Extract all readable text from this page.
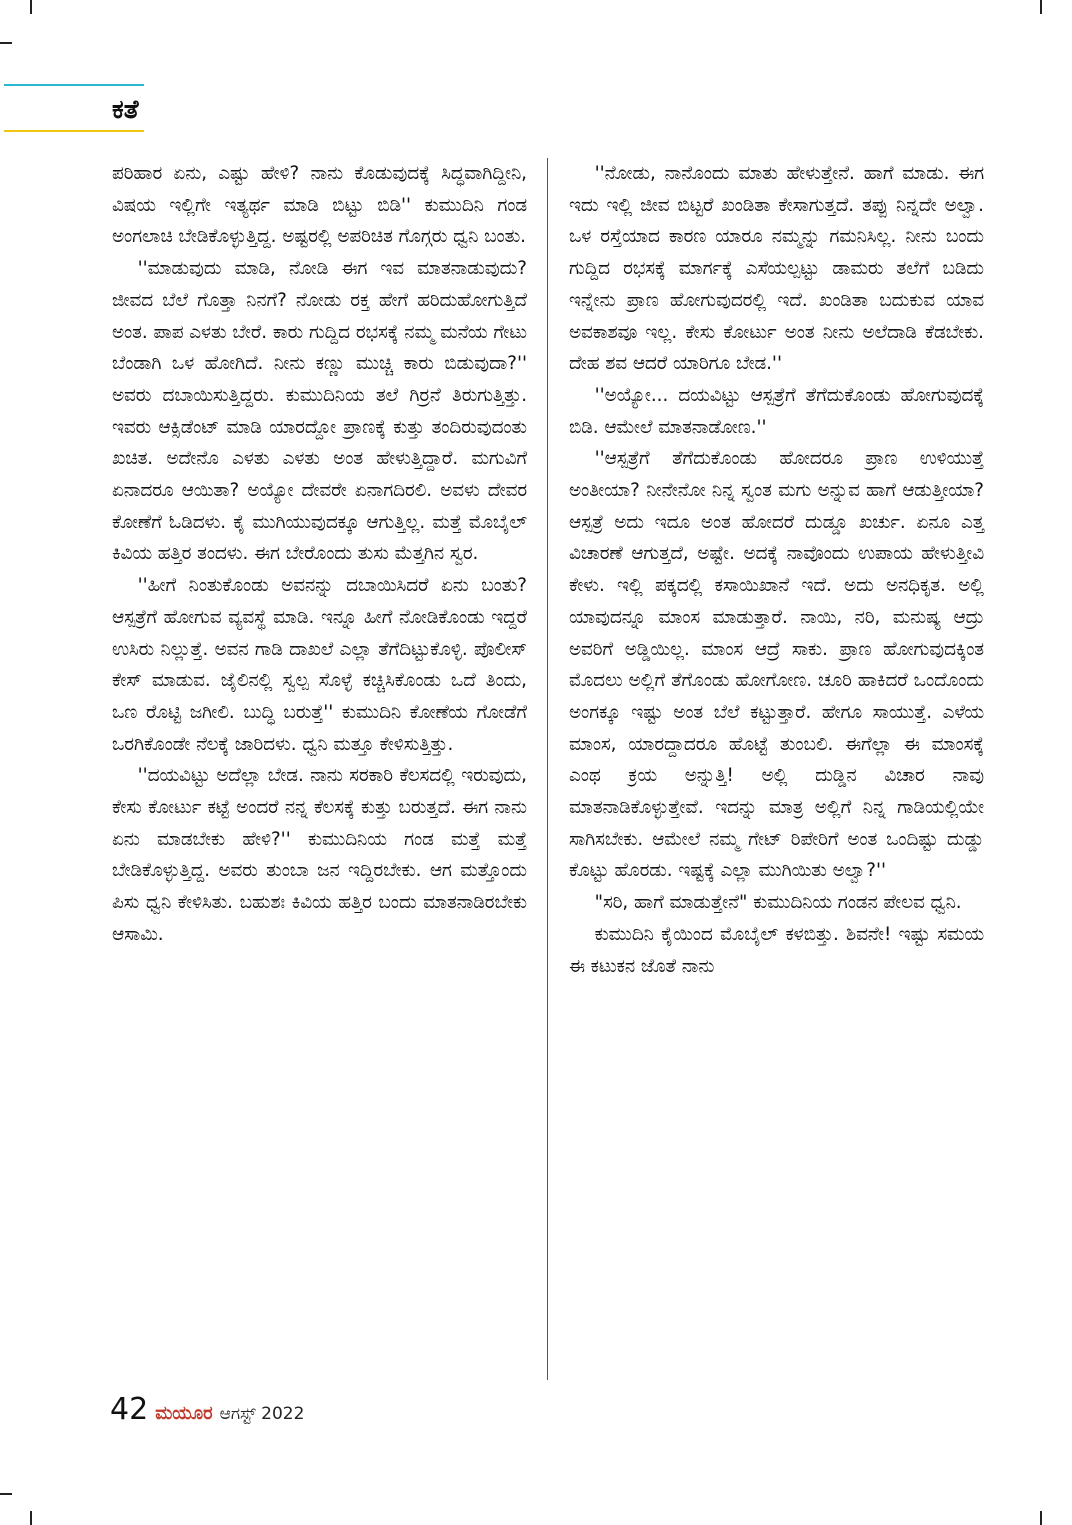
ಕತೆ

ಪರಿಹಾರ ಏನು, ಎಷ್ಟು ಹೇಳಿ? ನಾನು ಕೊಡುವುದಕ್ಕೆ ಸಿದ್ಧವಾಗಿದ್ದೀನಿ, ವಿಷಯ ಇಲ್ಲಿಗೇ ಇತ್ಯರ್ಥ ಮಾಡಿ ಬಿಟ್ಟು ಬಿಡಿ'' ಕುಮುದಿನಿ ಗಂಡ ಅಂಗಲಾಚಿ ಬೇಡಿಕೊಳ್ಳುತ್ತಿದ್ದ. ಅಷ್ಟರಲ್ಲಿ ಅಪರಿಚಿತ ಗೊಗ್ಗರು ಧ್ವನಿ ಬಂತು.

''ಮಾಡುವುದು ಮಾಡಿ, ನೋಡಿ ಈಗ ಇವ ಮಾತನಾಡುವುದು? ಜೀವದ ಬೆಲೆ ಗೊತ್ತಾ ನಿನಗೆ? ನೋಡು ರಕ್ತ ಹೇಗೆ ಹರಿದುಹೋಗುತ್ತಿದೆ ಅಂತ. ಪಾಪ ಎಳತು ಬೇರೆ. ಕಾರು ಗುದ್ದಿದ ರಭಸಕ್ಕೆ ನಮ್ಮ ಮನೆಯ ಗೇಟು ಬೆಂಡಾಗಿ ಒಳ ಹೋಗಿದೆ. ನೀನು ಕಣ್ಣು ಮುಚ್ಚಿ ಕಾರು ಬಿಡುವುದಾ?'' ಅವರು ದಬಾಯಿಸುತ್ತಿದ್ದರು. ಕುಮುದಿನಿಯ ತಲೆ ಗಿರ್ರನೆ ತಿರುಗುತ್ತಿತ್ತು. ಇವರು ಆಕ್ಸಿಡೆಂಟ್ ಮಾಡಿ ಯಾರದ್ದೋ ಪ್ರಾಣಕ್ಕೆ ಕುತ್ತು ತಂದಿರುವುದಂತು ಖಚಿತ. ಅದೇನೊ ಎಳತು ಎಳತು ಅಂತ ಹೇಳುತ್ತಿದ್ದಾರೆ. ಮಗುವಿಗೆ ಏನಾದರೂ ಆಯಿತಾ? ಅಯ್ಯೋ ದೇವರೇ ಏನಾಗದಿರಲಿ. ಅವಳು ದೇವರ ಕೋಣೆಗೆ ಓಡಿದಳು. ಕೈ ಮುಗಿಯುವುದಕ್ಕೂ ಆಗುತ್ತಿಲ್ಲ. ಮತ್ತೆ ಮೊಬೈಲ್ ಕಿವಿಯ ಹತ್ತಿರ ತಂದಳು. ಈಗ ಬೇರೊಂದು ತುಸು ಮೆತ್ತಗಿನ ಸ್ವರ.

''ಹೀಗೆ ನಿಂತುಕೊಂಡು ಅವನನ್ನು ದಬಾಯಿಸಿದರೆ ಏನು ಬಂತು? ಆಸ್ಪತ್ರೆಗೆ ಹೋಗುವ ವ್ಯವಸ್ಥೆ ಮಾಡಿ. ಇನ್ನೂ ಹೀಗೆ ನೋಡಿಕೊಂಡು ಇದ್ದರೆ ಉಸಿರು ನಿಲ್ಲುತ್ತೆ. ಅವನ ಗಾಡಿ ದಾಖಲೆ ಎಲ್ಲಾ ತೆಗೆದಿಟ್ಟುಕೊಳ್ಳಿ. ಪೊಲೀಸ್ ಕೇಸ್ ಮಾಡುವ. ಜೈಲಿನಲ್ಲಿ ಸ್ವಲ್ಪ ಸೊಳ್ಳೆ ಕಚ್ಚಿಸಿಕೊಂಡು ಒದೆ ತಿಂದು, ಒಣ ರೊಟ್ಟಿ ಜಗೀಲಿ. ಬುದ್ಧಿ ಬರುತ್ತೆ'' ಕುಮುದಿನಿ ಕೋಣೆಯ ಗೋಡೆಗೆ ಒರಗಿಕೊಂಡೇ ನೆಲಕ್ಕೆ ಜಾರಿದಳು. ಧ್ವನಿ ಮತ್ತೂ ಕೇಳಿಸುತ್ತಿತ್ತು.

''ದಯವಿಟ್ಟು ಅದೆಲ್ಲಾ ಬೇಡ. ನಾನು ಸರಕಾರಿ ಕೆಲಸದಲ್ಲಿ ಇರುವುದು, ಕೇಸು ಕೋರ್ಟು ಕಟ್ಟೆ ಅಂದರೆ ನನ್ನ ಕೆಲಸಕ್ಕೆ ಕುತ್ತು ಬರುತ್ತದೆ. ಈಗ ನಾನು ಏನು ಮಾಡಬೇಕು ಹೇಳಿ?'' ಕುಮುದಿನಿಯ ಗಂಡ ಮತ್ತೆ ಮತ್ತೆ ಬೇಡಿಕೊಳ್ಳುತ್ತಿದ್ದ. ಅವರು ತುಂಬಾ ಜನ ಇದ್ದಿರಬೇಕು. ಆಗ ಮತ್ತೊಂದು ಪಿಸು ಧ್ವನಿ ಕೇಳಿಸಿತು. ಬಹುಶಃ ಕಿವಿಯ ಹತ್ತಿರ ಬಂದು ಮಾತನಾಡಿರಬೇಕು ಆಸಾಮಿ.

''ನೋಡು, ನಾನೊಂದು ಮಾತು ಹೇಳುತ್ತೇನೆ. ಹಾಗೆ ಮಾಡು. ಈಗ ಇದು ಇಲ್ಲಿ ಜೀವ ಬಿಟ್ಟರೆ ಖಂಡಿತಾ ಕೇಸಾಗುತ್ತದೆ. ತಪ್ಪು ನಿನ್ನದೇ ಅಲ್ವಾ. ಒಳ ರಸ್ತೆಯಾದ ಕಾರಣ ಯಾರೂ ನಮ್ಮನ್ನು ಗಮನಿಸಿಲ್ಲ. ನೀನು ಬಂದು ಗುದ್ದಿದ ರಭಸಕ್ಕೆ ಮಾರ್ಗಕ್ಕೆ ಎಸೆಯಲ್ಪಟ್ಟು ಡಾಮರು ತಲೆಗೆ ಬಡಿದು ಇನ್ನೇನು ಪ್ರಾಣ ಹೋಗುವುದರಲ್ಲಿ ಇದೆ. ಖಂಡಿತಾ ಬದುಕುವ ಯಾವ ಅವಕಾಶವೂ ಇಲ್ಲ. ಕೇಸು ಕೋರ್ಟು ಅಂತ ನೀನು ಅಲೆದಾಡಿ ಕೆಡಬೇಕು. ದೇಹ ಶವ ಆದರೆ ಯಾರಿಗೂ ಬೇಡ.''

''ಅಯ್ಯೋ... ದಯವಿಟ್ಟು ಆಸ್ಪತ್ರೆಗೆ ತೆಗೆದುಕೊಂಡು ಹೋಗುವುದಕ್ಕೆ ಬಿಡಿ. ಆಮೇಲೆ ಮಾತನಾಡೋಣ.''

''ಆಸ್ಪತ್ರೆಗೆ ತೆಗೆದುಕೊಂಡು ಹೋದರೂ ಪ್ರಾಣ ಉಳಿಯುತ್ತೆ ಅಂತೀಯಾ? ನೀನೇನೋ ನಿನ್ನ ಸ್ವಂತ ಮಗು ಅನ್ನುವ ಹಾಗೆ ಆಡುತ್ತೀಯಾ? ಆಸ್ಪತ್ರೆ ಅದು ಇದೂ ಅಂತ ಹೋದರೆ ದುಡ್ಡೂ ಖರ್ಚು. ಏನೂ ಎತ್ತ ವಿಚಾರಣೆ ಆಗುತ್ತದೆ, ಅಷ್ಟೇ. ಅದಕ್ಕೆ ನಾವೊಂದು ಉಪಾಯ ಹೇಳುತ್ತೀವಿ ಕೇಳು. ಇಲ್ಲಿ ಪಕ್ಕದಲ್ಲಿ ಕಸಾಯಿಖಾನೆ ಇದೆ. ಅದು ಅನಧಿಕೃತ. ಅಲ್ಲಿ ಯಾವುದನ್ನೂ ಮಾಂಸ ಮಾಡುತ್ತಾರೆ. ನಾಯಿ, ನರಿ, ಮನುಷ್ಯ ಆದ್ರು ಅವರಿಗೆ ಅಡ್ಡಿಯಿಲ್ಲ. ಮಾಂಸ ಆದ್ರೆ ಸಾಕು. ಪ್ರಾಣ ಹೋಗುವುದಕ್ಕಿಂತ ಮೊದಲು ಅಲ್ಲಿಗೆ ತೆಗೊಂಡು ಹೋಗೋಣ. ಚೂರಿ ಹಾಕಿದರೆ ಒಂದೊಂದು ಅಂಗಕ್ಕೂ ಇಷ್ಟು ಅಂತ ಬೆಲೆ ಕಟ್ಟುತ್ತಾರೆ. ಹೇಗೂ ಸಾಯುತ್ತೆ. ಎಳೆಯ ಮಾಂಸ, ಯಾರದ್ದಾದರೂ ಹೊಟ್ಟೆ ತುಂಬಲಿ. ಈಗೆಲ್ಲಾ ಈ ಮಾಂಸಕ್ಕೆ ಎಂಥ ಕ್ರಯ ಅನ್ನುತ್ತಿ! ಅಲ್ಲಿ ದುಡ್ಡಿನ ವಿಚಾರ ನಾವು ಮಾತನಾಡಿಕೊಳ್ಳುತ್ತೇವೆ. ಇದನ್ನು ಮಾತ್ರ ಅಲ್ಲಿಗೆ ನಿನ್ನ ಗಾಡಿಯಲ್ಲಿಯೇ ಸಾಗಿಸಬೇಕು. ಆಮೇಲೆ ನಮ್ಮ ಗೇಟ್ ರಿಪೇರಿಗೆ ಅಂತ ಒಂದಿಷ್ಟು ದುಡ್ಡು ಕೊಟ್ಟು ಹೊರಡು. ಇಷ್ಟಕ್ಕೆ ಎಲ್ಲಾ ಮುಗಿಯಿತು ಅಲ್ವಾ?''

"ಸರಿ, ಹಾಗೆ ಮಾಡುತ್ತೇನೆ" ಕುಮುದಿನಿಯ ಗಂಡನ ಪೇಲವ ಧ್ವನಿ.

ಕುಮುದಿನಿ ಕೈಯಿಂದ ಮೊಬೈಲ್ ಕಳಬಿತ್ತು. ಶಿವನೇ! ಇಷ್ಟು ಸಮಯ ಈ ಕಟುಕನ ಜೊತೆ ನಾನು

42 ಮಯೂರ ಆಗಸ್ಟ್ 2022
